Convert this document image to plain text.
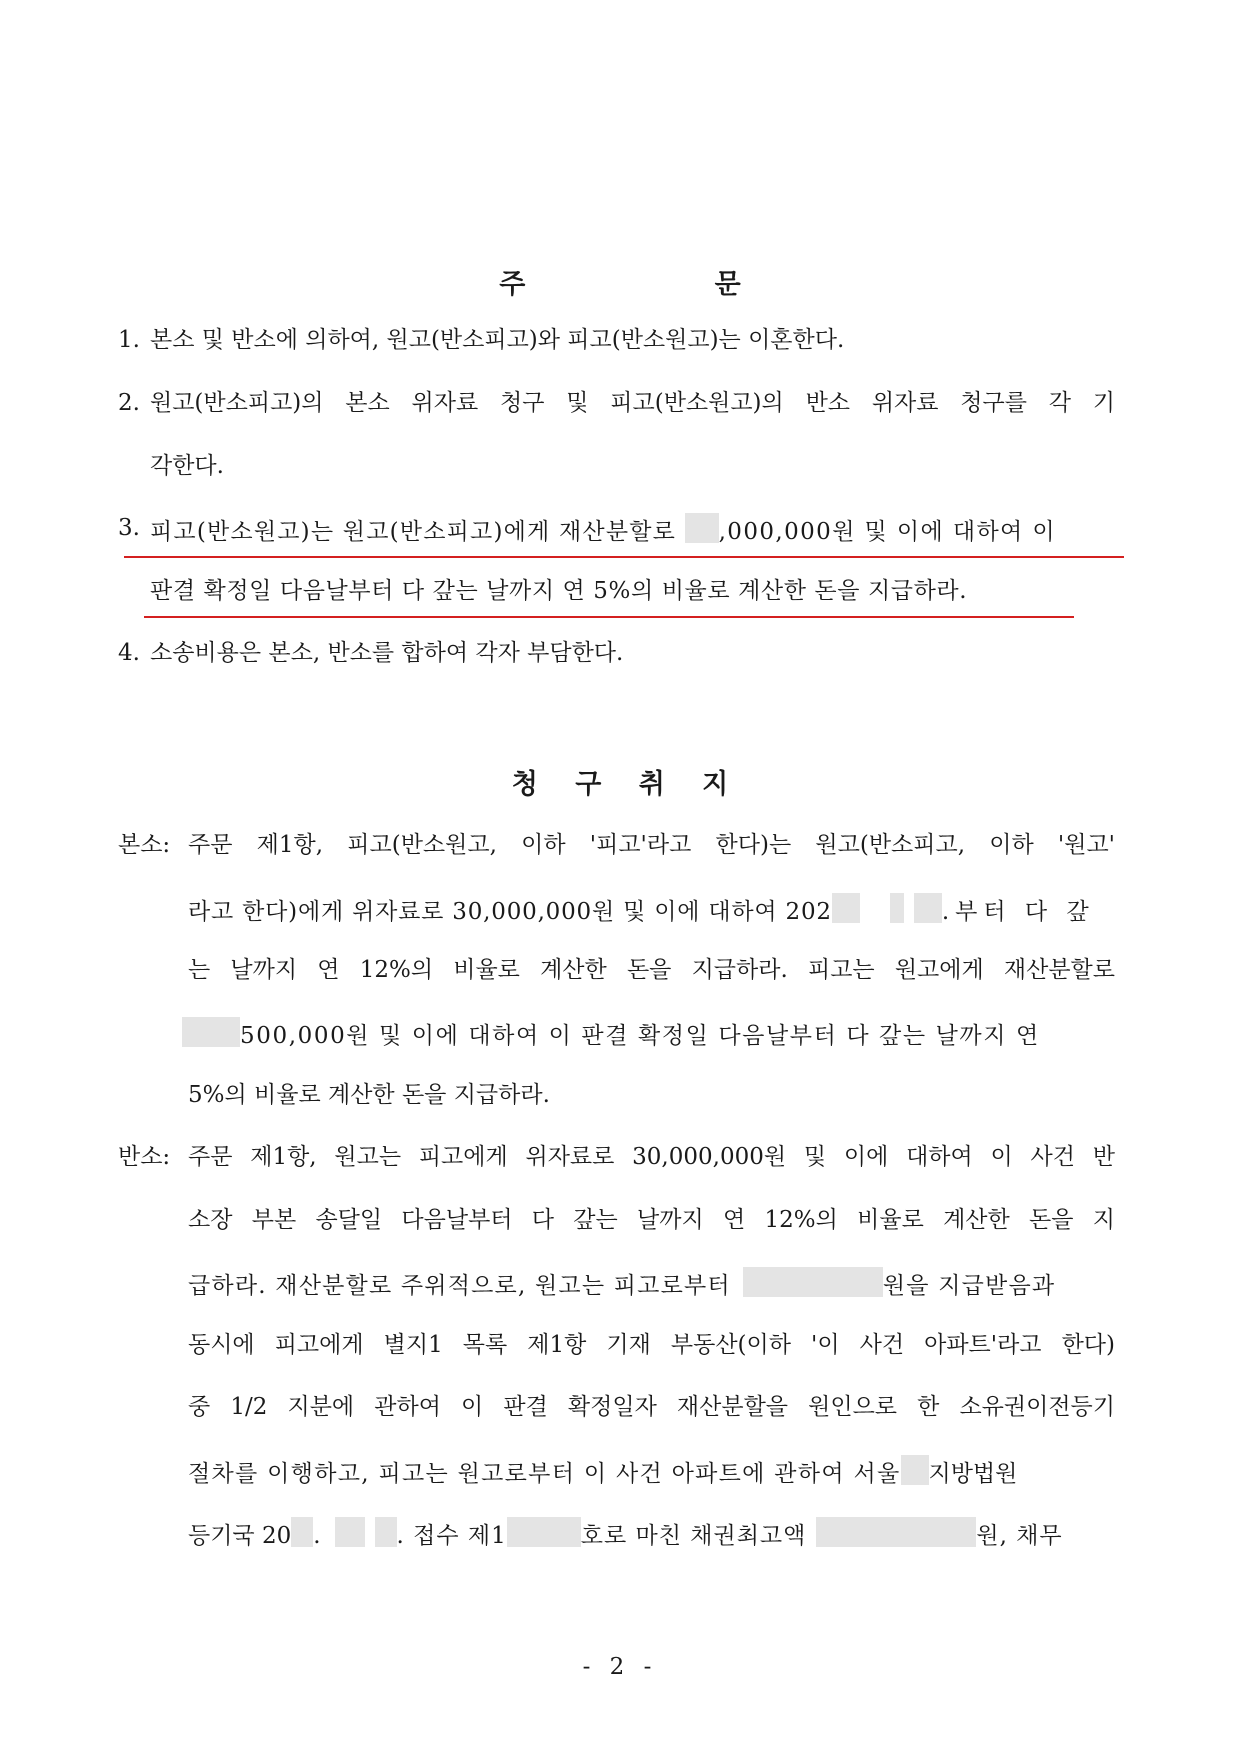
주 문
1. 본소 및 반소에 의하여, 원고(반소피고)와 피고(반소원고)는 이혼한다.
2. 원고(반소피고)의 본소 위자료 청구 및 피고(반소원고)의 반소 위자료 청구를 각 기
각한다.
3. 피고(반소원고)는 원고(반소피고)에게 재산분할로 ,000,000원 및 이에 대하여 이
판결 확정일 다음날부터 다 갚는 날까지 연 5%의 비율로 계산한 돈을 지급하라.
4. 소송비용은 본소, 반소를 합하여 각자 부담한다.
청 구 취 지
본소: 주문 제1항, 피고(반소원고, 이하 '피고'라고 한다)는 원고(반소피고, 이하 '원고'
라고 한다)에게 위자료로 30,000,000원 및 이에 대하여 202	.부터 다 갚
는 날까지 연 12%의 비율로 계산한 돈을 지급하라. 피고는 원고에게 재산분할로
500,000원 및 이에 대하여 이 판결 확정일 다음날부터 다 갚는 날까지 연
5%의 비율로 계산한 돈을 지급하라.
반소: 주문 제1항, 원고는 피고에게 위자료로 30,000,000원 및 이에 대하여 이 사건 반
소장 부본 송달일 다음날부터 다 갚는 날까지 연 12%의 비율로 계산한 돈을 지
급하라. 재산분할로 주위적으로, 원고는 피고로부터	원을 지급받음과
동시에 피고에게 별지1 목록 제1항 기재 부동산(이하 '이 사건 아파트'라고 한다)
중 1/2 지분에 관하여 이 판결 확정일자 재산분할을 원인으로 한 소유권이전등기
절차를 이행하고, 피고는 원고로부터 이 사건 아파트에 관하여 서울 지방법원
등기국 20 .	. 접수 제1	호로 마친 채권최고액	원, 채무
- 2 -
